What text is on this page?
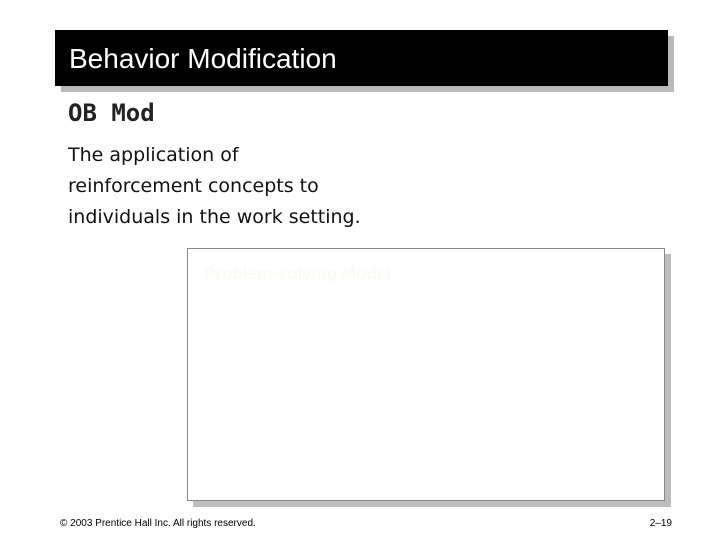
Behavior Modification
OB Mod
The application of
reinforcement concepts to
individuals in the work setting.
Problem-solving Model
© 2003 Prentice Hall Inc. All rights reserved.	2–19
